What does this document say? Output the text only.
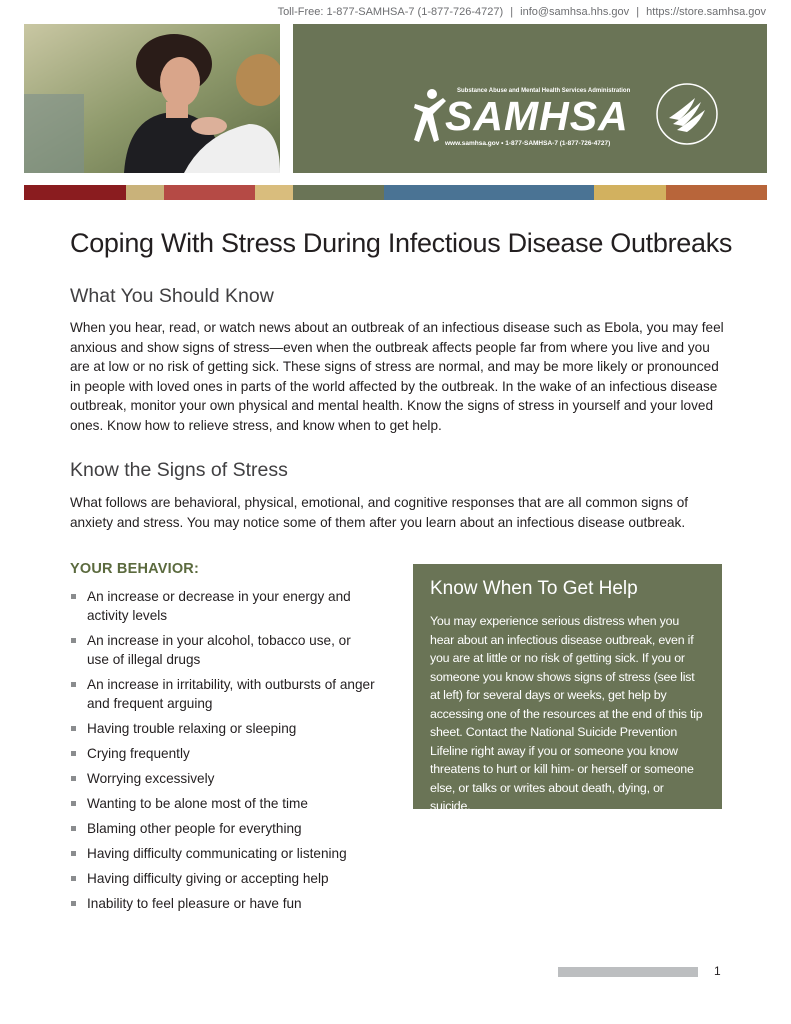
Toll-Free: 1-877-SAMHSA-7 (1-877-726-4727) | info@samhsa.hhs.gov | https://store.samhsa.gov
Substance Abuse and Mental Health Services Administration
SAMHSA
www.samhsa.gov • 1-877-SAMHSA-7 (1-877-726-4727)
Coping With Stress During Infectious Disease Outbreaks
What You Should Know

When you hear, read, or watch news about an outbreak of an infectious disease such as Ebola, you may feel anxious and show signs of stress—even when the outbreak affects people far from where you live and you are at low or no risk of getting sick. These signs of stress are normal, and may be more likely or pronounced in people with loved ones in parts of the world affected by the outbreak. In the wake of an infectious disease outbreak, monitor your own physical and mental health. Know the signs of stress in yourself and your loved ones. Know how to relieve stress, and know when to get help.

Know the Signs of Stress

What follows are behavioral, physical, emotional, and cognitive responses that are all common signs of anxiety and stress. You may notice some of them after you learn about an infectious disease outbreak.

YOUR BEHAVIOR:
An increase or decrease in your energy and activity levels
An increase in your alcohol, tobacco use, or use of illegal drugs
An increase in irritability, with outbursts of anger and frequent arguing
Having trouble relaxing or sleeping
Crying frequently
Worrying excessively
Wanting to be alone most of the time
Blaming other people for everything
Having difficulty communicating or listening
Having difficulty giving or accepting help
Inability to feel pleasure or have fun
Know When To Get Help

You may experience serious distress when you hear about an infectious disease outbreak, even if you are at little or no risk of getting sick. If you or someone you know shows signs of stress (see list at left) for several days or weeks, get help by accessing one of the resources at the end of this tip sheet. Contact the National Suicide Prevention Lifeline right away if you or someone you know threatens to hurt or kill him- or herself or someone else, or talks or writes about death, dying, or suicide.

1
